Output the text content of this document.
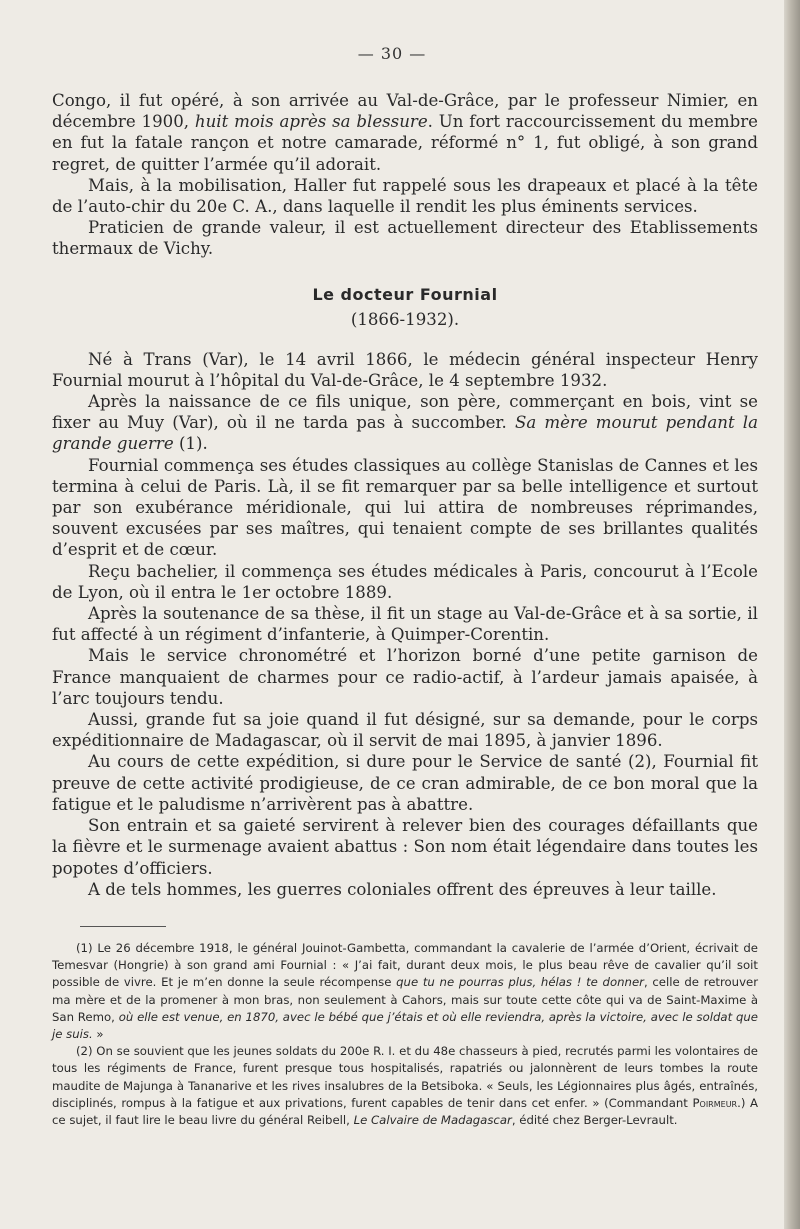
— 30 —

Congo, il fut opéré, à son arrivée au Val-de-Grâce, par le professeur Nimier, en décembre 1900, huit mois après sa blessure. Un fort raccourcissement du membre en fut la fatale rançon et notre camarade, réformé n° 1, fut obligé, à son grand regret, de quitter l’armée qu’il adorait.

Mais, à la mobilisation, Haller fut rappelé sous les drapeaux et placé à la tête de l’auto-chir du 20e C. A., dans laquelle il rendit les plus éminents services.

Praticien de grande valeur, il est actuellement directeur des Etablissements thermaux de Vichy.

Le docteur Fournial
(1866-1932).

Né à Trans (Var), le 14 avril 1866, le médecin général inspecteur Henry Fournial mourut à l’hôpital du Val-de-Grâce, le 4 septembre 1932.

Après la naissance de ce fils unique, son père, commerçant en bois, vint se fixer au Muy (Var), où il ne tarda pas à succomber. Sa mère mourut pendant la grande guerre (1).

Fournial commença ses études classiques au collège Stanislas de Cannes et les termina à celui de Paris. Là, il se fit remarquer par sa belle intelligence et surtout par son exubérance méridionale, qui lui attira de nombreuses réprimandes, souvent excusées par ses maîtres, qui tenaient compte de ses brillantes qualités d’esprit et de cœur.

Reçu bachelier, il commença ses études médicales à Paris, concourut à l’Ecole de Lyon, où il entra le 1er octobre 1889.

Après la soutenance de sa thèse, il fit un stage au Val-de-Grâce et à sa sortie, il fut affecté à un régiment d’infanterie, à Quimper-Corentin.

Mais le service chronométré et l’horizon borné d’une petite garnison de France manquaient de charmes pour ce radio-actif, à l’ardeur jamais apaisée, à l’arc toujours tendu.

Aussi, grande fut sa joie quand il fut désigné, sur sa demande, pour le corps expéditionnaire de Madagascar, où il servit de mai 1895, à janvier 1896.

Au cours de cette expédition, si dure pour le Service de santé (2), Fournial fit preuve de cette activité prodigieuse, de ce cran admirable, de ce bon moral que la fatigue et le paludisme n’arrivèrent pas à abattre.

Son entrain et sa gaieté servirent à relever bien des courages défaillants que la fièvre et le surmenage avaient abattus : Son nom était légendaire dans toutes les popotes d’officiers.

A de tels hommes, les guerres coloniales offrent des épreuves à leur taille.

(1) Le 26 décembre 1918, le général Jouinot-Gambetta, commandant la cavalerie de l’armée d’Orient, écrivait de Temesvar (Hongrie) à son grand ami Fournial : « J’ai fait, durant deux mois, le plus beau rêve de cavalier qu’il soit possible de vivre. Et je m’en donne la seule récompense que tu ne pourras plus, hélas ! te donner, celle de retrouver ma mère et de la promener à mon bras, non seulement à Cahors, mais sur toute cette côte qui va de Saint-Maxime à San Remo, où elle est venue, en 1870, avec le bébé que j’étais et où elle reviendra, après la victoire, avec le soldat que je suis. »

(2) On se souvient que les jeunes soldats du 200e R. I. et du 48e chasseurs à pied, recrutés parmi les volontaires de tous les régiments de France, furent presque tous hospitalisés, rapatriés ou jalonnèrent de leurs tombes la route maudite de Majunga à Tananarive et les rives insalubres de la Betsiboka. « Seuls, les Légionnaires plus âgés, entraînés, disciplinés, rompus à la fatigue et aux privations, furent capables de tenir dans cet enfer. » (Commandant Poirmeur.) A ce sujet, il faut lire le beau livre du général Reibell, Le Calvaire de Madagascar, édité chez Berger-Levrault.
